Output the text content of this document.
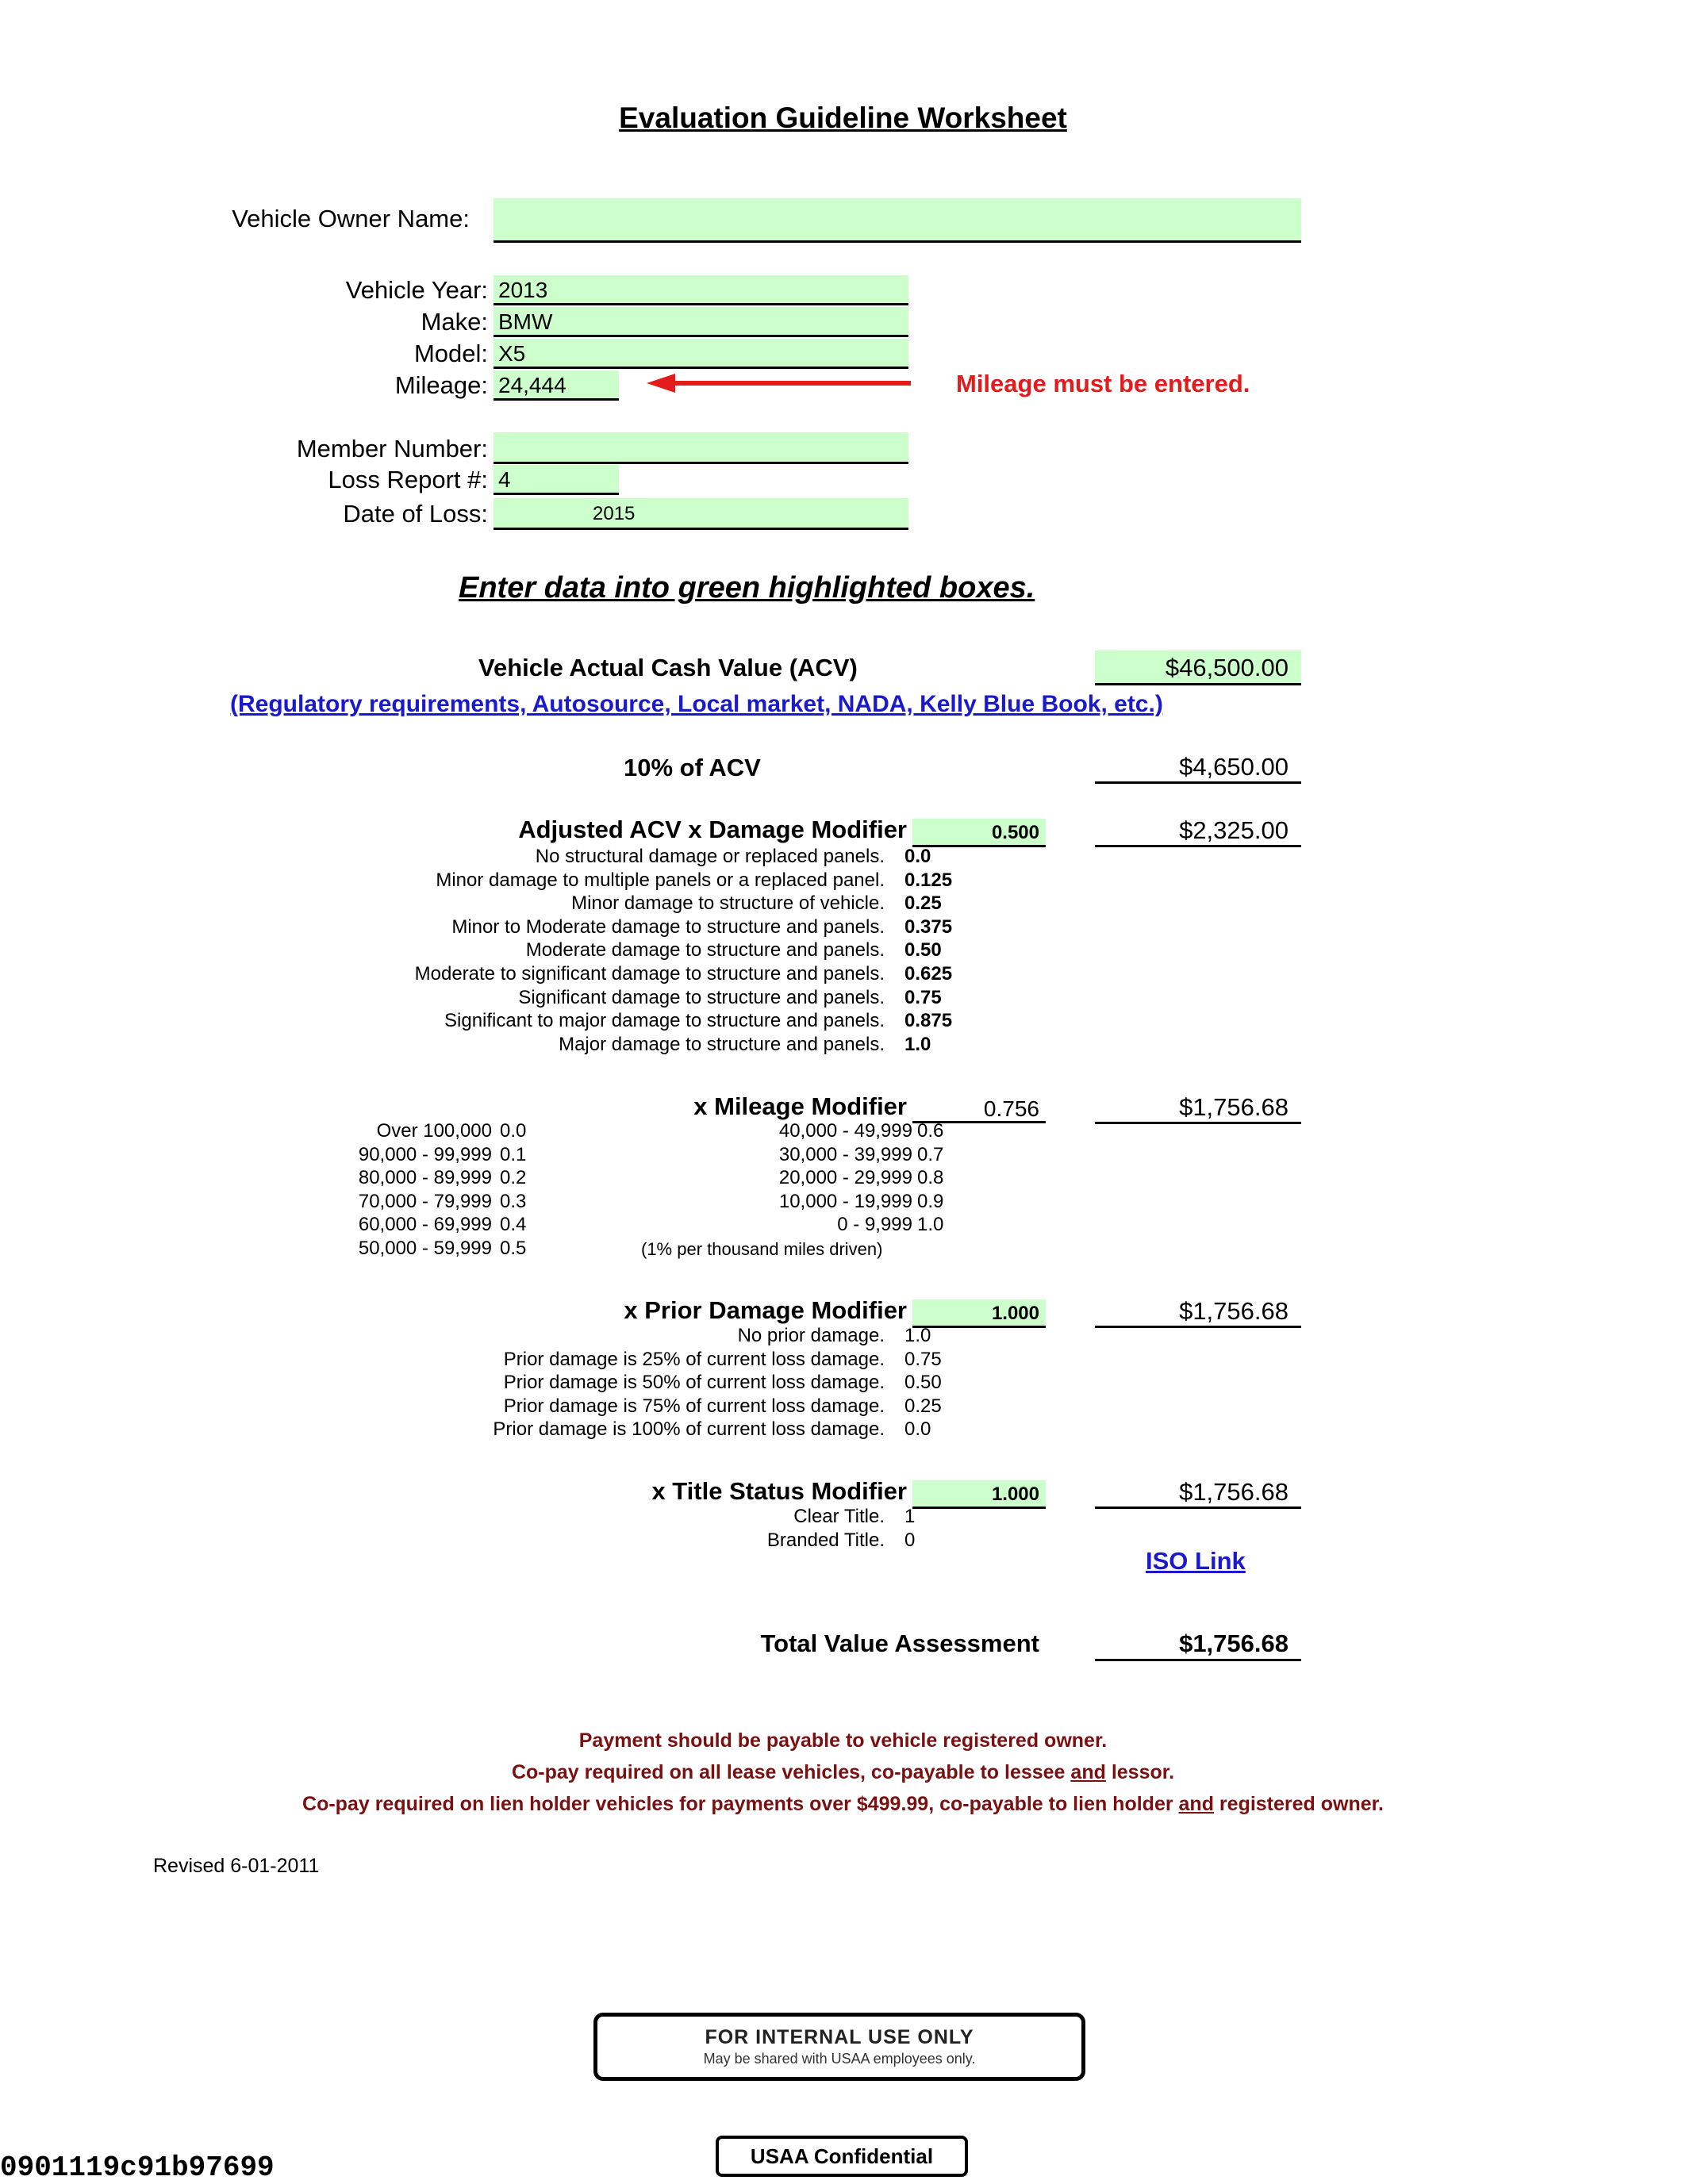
Evaluation Guideline Worksheet
Vehicle Owner Name:
Vehicle Year: 2013
Make: BMW
Model: X5
Mileage: 24,444	Mileage must be entered.
Member Number:
Loss Report #: 4
Date of Loss:	2015
Enter data into green highlighted boxes.
Vehicle Actual Cash Value (ACV)	$46,500.00
(Regulatory requirements, Autosource, Local market, NADA, Kelly Blue Book, etc.)
10% of ACV	$4,650.00
Adjusted ACV x Damage Modifier	0.500	$2,325.00
No structural damage or replaced panels. 0.0
Minor damage to multiple panels or a replaced panel. 0.125
Minor damage to structure of vehicle. 0.25
Minor to Moderate damage to structure and panels. 0.375
Moderate damage to structure and panels. 0.50
Moderate to significant damage to structure and panels. 0.625
Significant damage to structure and panels. 0.75
Significant to major damage to structure and panels. 0.875
Major damage to structure and panels. 1.0
x Mileage Modifier	0.756	$1,756.68
Over 100,000 0.0
90,000 - 99,999 0.1
80,000 - 89,999 0.2
70,000 - 79,999 0.3
60,000 - 69,999 0.4
50,000 - 59,999 0.5
40,000 - 49,999 0.6
30,000 - 39,999 0.7
20,000 - 29,999 0.8
10,000 - 19,999 0.9
0 - 9,999 1.0
(1% per thousand miles driven)
x Prior Damage Modifier	1.000	$1,756.68
No prior damage. 1.0
Prior damage is 25% of current loss damage. 0.75
Prior damage is 50% of current loss damage. 0.50
Prior damage is 75% of current loss damage. 0.25
Prior damage is 100% of current loss damage. 0.0
x Title Status Modifier	1.000	$1,756.68
Clear Title. 1
Branded Title. 0
ISO Link
Total Value Assessment	$1,756.68
Payment should be payable to vehicle registered owner.
Co-pay required on all lease vehicles, co-payable to lessee and lessor.
Co-pay required on lien holder vehicles for payments over $499.99, co-payable to lien holder and registered owner.
Revised 6-01-2011
FOR INTERNAL USE ONLY
May be shared with USAA employees only.
USAA Confidential
0901119c91b97699
